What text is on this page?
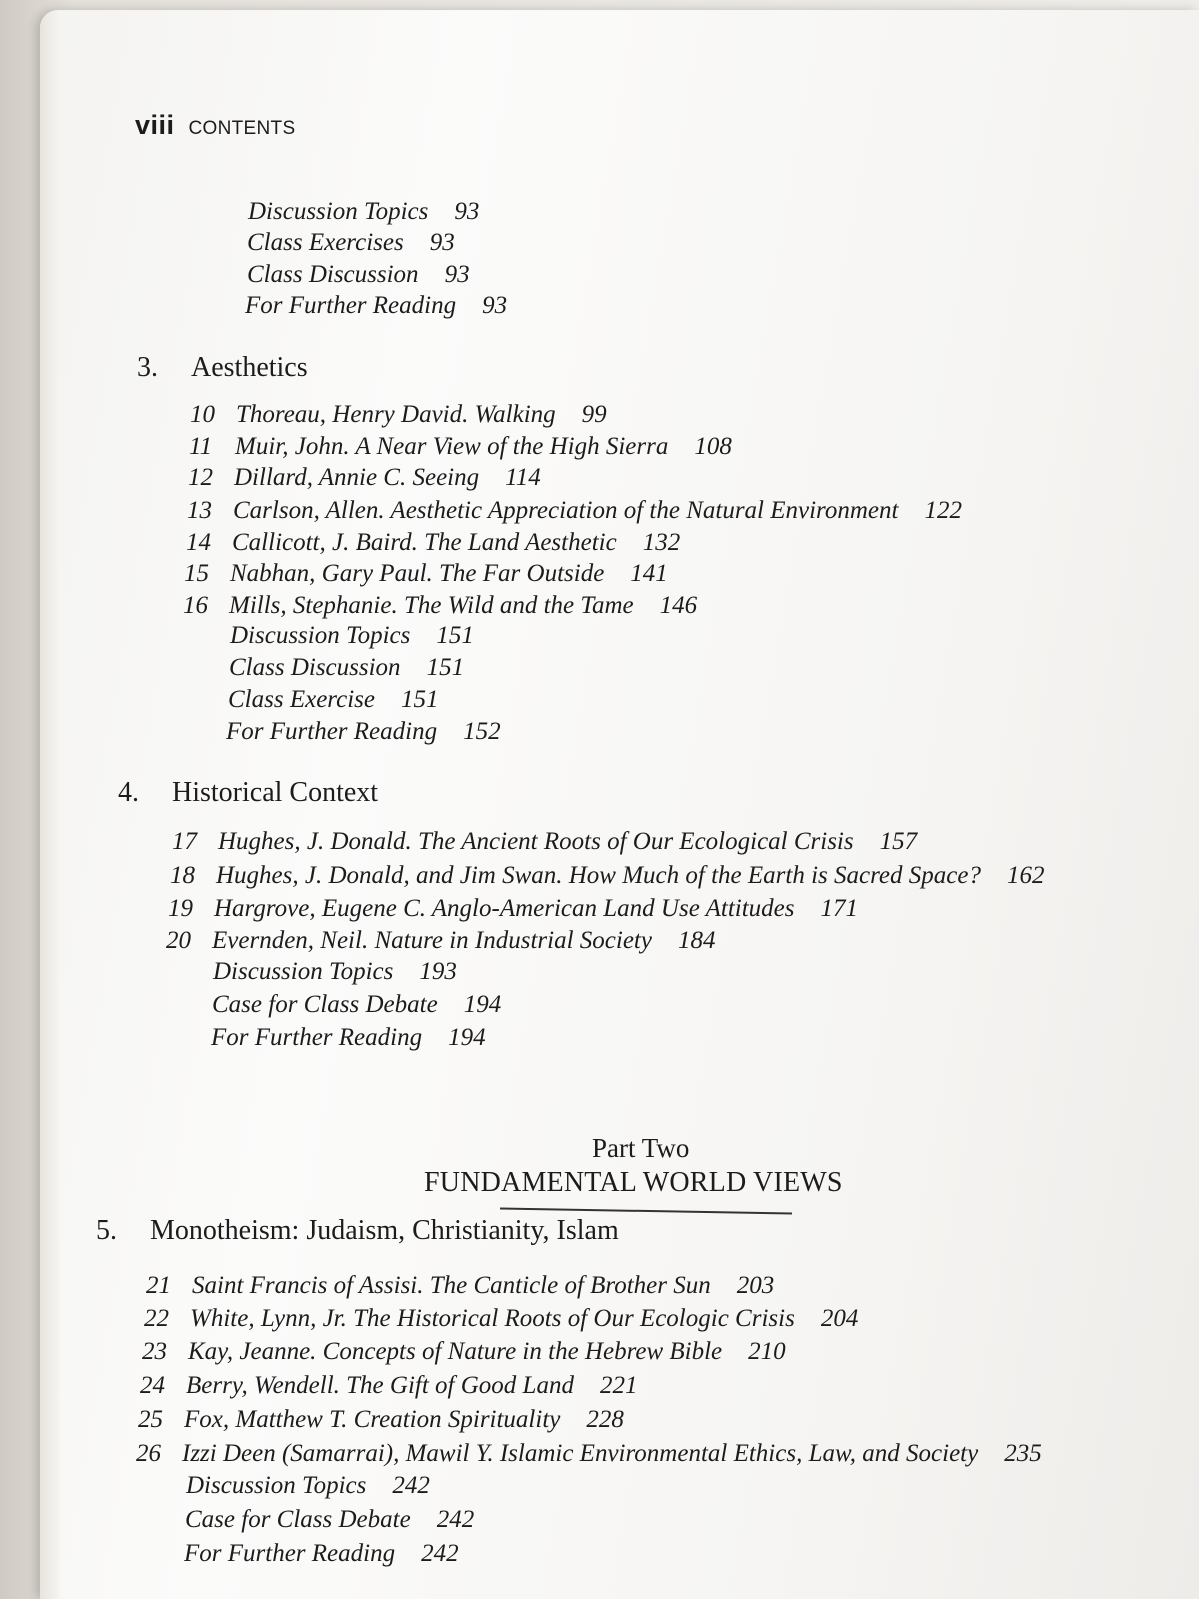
viii CONTENTS
Discussion Topics 93
Class Exercises 93
Class Discussion 93
For Further Reading 93
3. Aesthetics
10 Thoreau, Henry David. Walking 99
11 Muir, John. A Near View of the High Sierra 108
12 Dillard, Annie C. Seeing 114
13 Carlson, Allen. Aesthetic Appreciation of the Natural Environment 122
14 Callicott, J. Baird. The Land Aesthetic 132
15 Nabhan, Gary Paul. The Far Outside 141
16 Mills, Stephanie. The Wild and the Tame 146
Discussion Topics 151
Class Discussion 151
Class Exercise 151
For Further Reading 152
4. Historical Context
17 Hughes, J. Donald. The Ancient Roots of Our Ecological Crisis 157
18 Hughes, J. Donald, and Jim Swan. How Much of the Earth is Sacred Space? 162
19 Hargrove, Eugene C. Anglo-American Land Use Attitudes 171
20 Evernden, Neil. Nature in Industrial Society 184
Discussion Topics 193
Case for Class Debate 194
For Further Reading 194
Part Two
FUNDAMENTAL WORLD VIEWS
5. Monotheism: Judaism, Christianity, Islam
21 Saint Francis of Assisi. The Canticle of Brother Sun 203
22 White, Lynn, Jr. The Historical Roots of Our Ecologic Crisis 204
23 Kay, Jeanne. Concepts of Nature in the Hebrew Bible 210
24 Berry, Wendell. The Gift of Good Land 221
25 Fox, Matthew T. Creation Spirituality 228
26 Izzi Deen (Samarrai), Mawil Y. Islamic Environmental Ethics, Law, and Society 235
Discussion Topics 242
Case for Class Debate 242
For Further Reading 242
